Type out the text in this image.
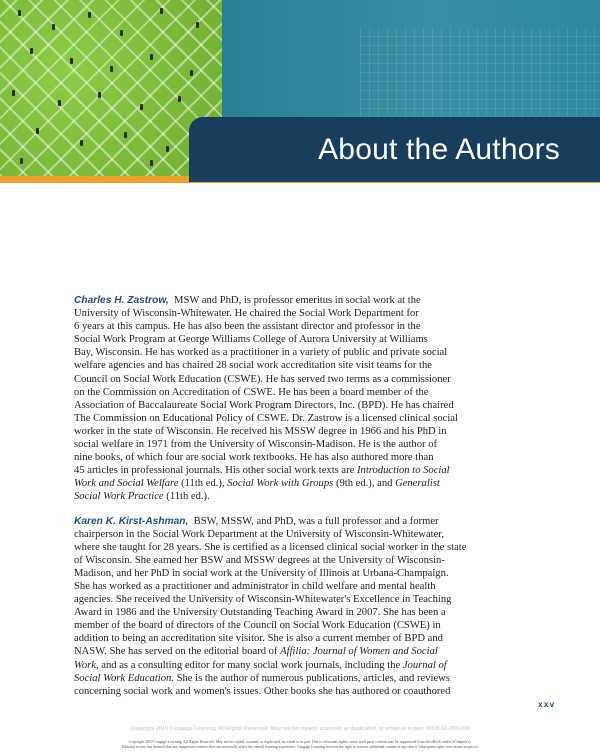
About the Authors
Charles H. Zastrow, MSW and PhD, is professor emeritus in social work at the
University of Wisconsin-Whitewater. He chaired the Social Work Department for
6 years at this campus. He has also been the assistant director and professor in the
Social Work Program at George Williams College of Aurora University at Williams
Bay, Wisconsin. He has worked as a practitioner in a variety of public and private social
welfare agencies and has chaired 28 social work accreditation site visit teams for the
Council on Social Work Education (CSWE). He has served two terms as a commissioner
on the Commission on Accreditation of CSWE. He has been a board member of the
Association of Baccalaureate Social Work Program Directors, Inc. (BPD). He has chaired
The Commission on Educational Policy of CSWE. Dr. Zastrow is a licensed clinical social
worker in the state of Wisconsin. He received his MSSW degree in 1966 and his PhD in
social welfare in 1971 from the University of Wisconsin-Madison. He is the author of
nine books, of which four are social work textbooks. He has also authored more than
45 articles in professional journals. His other social work texts are Introduction to Social
Work and Social Welfare (11th ed.), Social Work with Groups (9th ed.), and Generalist
Social Work Practice (11th ed.).
Karen K. Kirst-Ashman, BSW, MSSW, and PhD, was a full professor and a former
chairperson in the Social Work Department at the University of Wisconsin-Whitewater,
where she taught for 28 years. She is certified as a licensed clinical social worker in the state
of Wisconsin. She earned her BSW and MSSW degrees at the University of Wisconsin-
Madison, and her PhD in social work at the University of Illinois at Urbana-Champaign.
She has worked as a practitioner and administrator in child welfare and mental health
agencies. She received the University of Wisconsin-Whitewater's Excellence in Teaching
Award in 1986 and the University Outstanding Teaching Award in 2007. She has been a
member of the board of directors of the Council on Social Work Education (CSWE) in
addition to being an accreditation site visitor. She is also a current member of BPD and
NASW. She has served on the editorial board of Affilia: Journal of Women and Social
Work, and as a consulting editor for many social work journals, including the Journal of
Social Work Education. She is the author of numerous publications, articles, and reviews
concerning social work and women's issues. Other books she has authored or coauthored
xxv
Copyright 2019 Cengage Learning. All Rights Reserved. May not be copied, scanned, or duplicated, in whole or in part. WCN 02-200-202
Copyright 2019 Cengage Learning. All Rights Reserved. May not be copied, scanned, or duplicated, in whole or in part. Due to electronic rights, some third party content may be suppressed from the eBook and/or eChapter(s).
Editorial review has deemed that any suppressed content does not materially affect the overall learning experience. Cengage Learning reserves the right to remove additional content at any time if subsequent rights restrictions require it.
